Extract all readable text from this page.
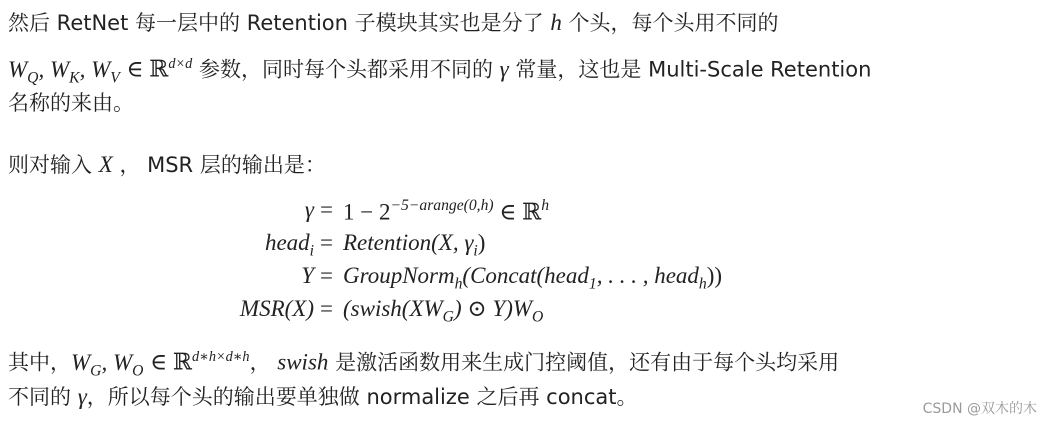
然后 RetNet 每一层中的 Retention 子模块其实也是分了 h 个头，每个头用不同的
$W_Q$, $W_K$, $W_V$ ∈ ℝ$^{d\times d}$ 参数，同时每个头都采用不同的 γ 常量，这也是 Multi-Scale Retention
名称的来由。
则对输入 X ， MSR 层的输出是：
$\gamma = 1 - 2^{-5-arange(0,h)}$ ∈ ℝ$^h$
head$_i$ = Retention(X, $\gamma_i$)
Y = GroupNorm$_h$(Concat(head$_1$, . . . , head$_h$))
$MSR(X) = (swish(XW_G)$ ⊙ $Y)W_O$
其中，$W_G$, $W_O$ ∈ ℝ$^{d∗h\times d∗h}$， swish 是激活函数用来生成门控阈值，还有由于每个头均采用
不同的 γ，所以每个头的输出要单独做 normalize 之后再 concat。	CSDN @双木的木
